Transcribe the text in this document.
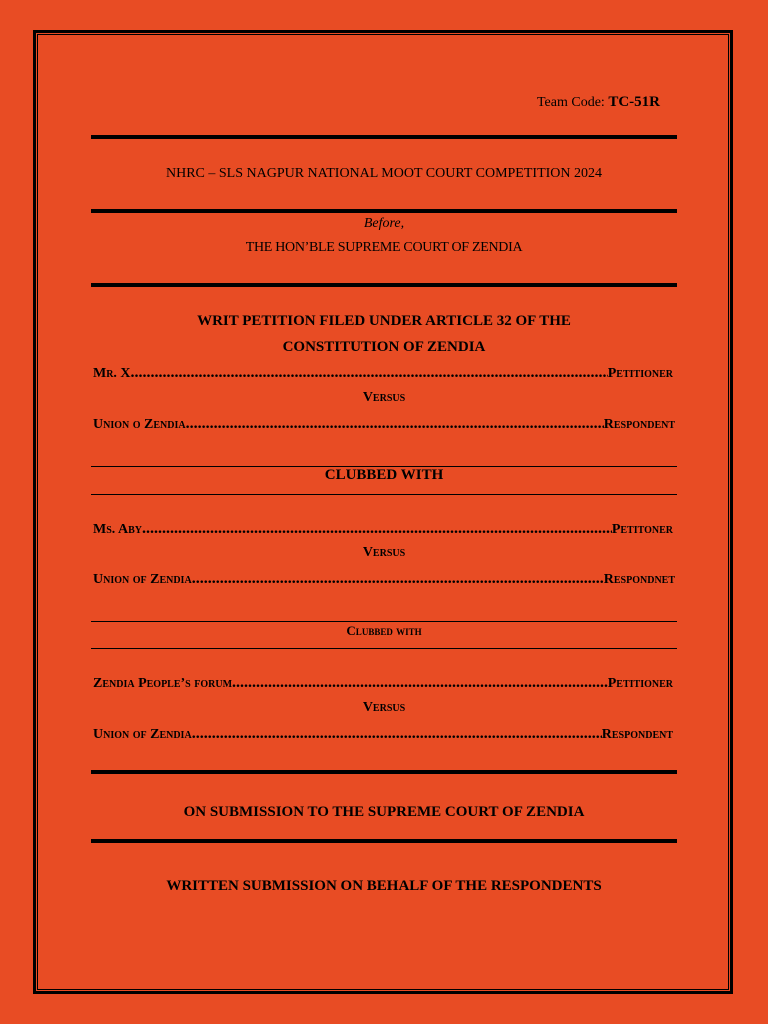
Team Code: TC-51R
NHRC – SLS NAGPUR NATIONAL MOOT COURT COMPETITION 2024
Before,
THE HON’BLE SUPREME COURT OF ZENDIA
WRIT PETITION FILED UNDER ARTICLE 32 OF THE
CONSTITUTION OF ZENDIA
Mr. X .....	Petitioner
Versus
Union o Zendia .....	Respondent
CLUBBED WITH
Ms. Aby .....	Petitoner
Versus
Union of Zendia .....	Respondnet
Clubbed with
Zendia People’s forum .....	Petitioner
Versus
Union of Zendia .....	Respondent
ON SUBMISSION TO THE SUPREME COURT OF ZENDIA
WRITTEN SUBMISSION ON BEHALF OF THE RESPONDENTS
